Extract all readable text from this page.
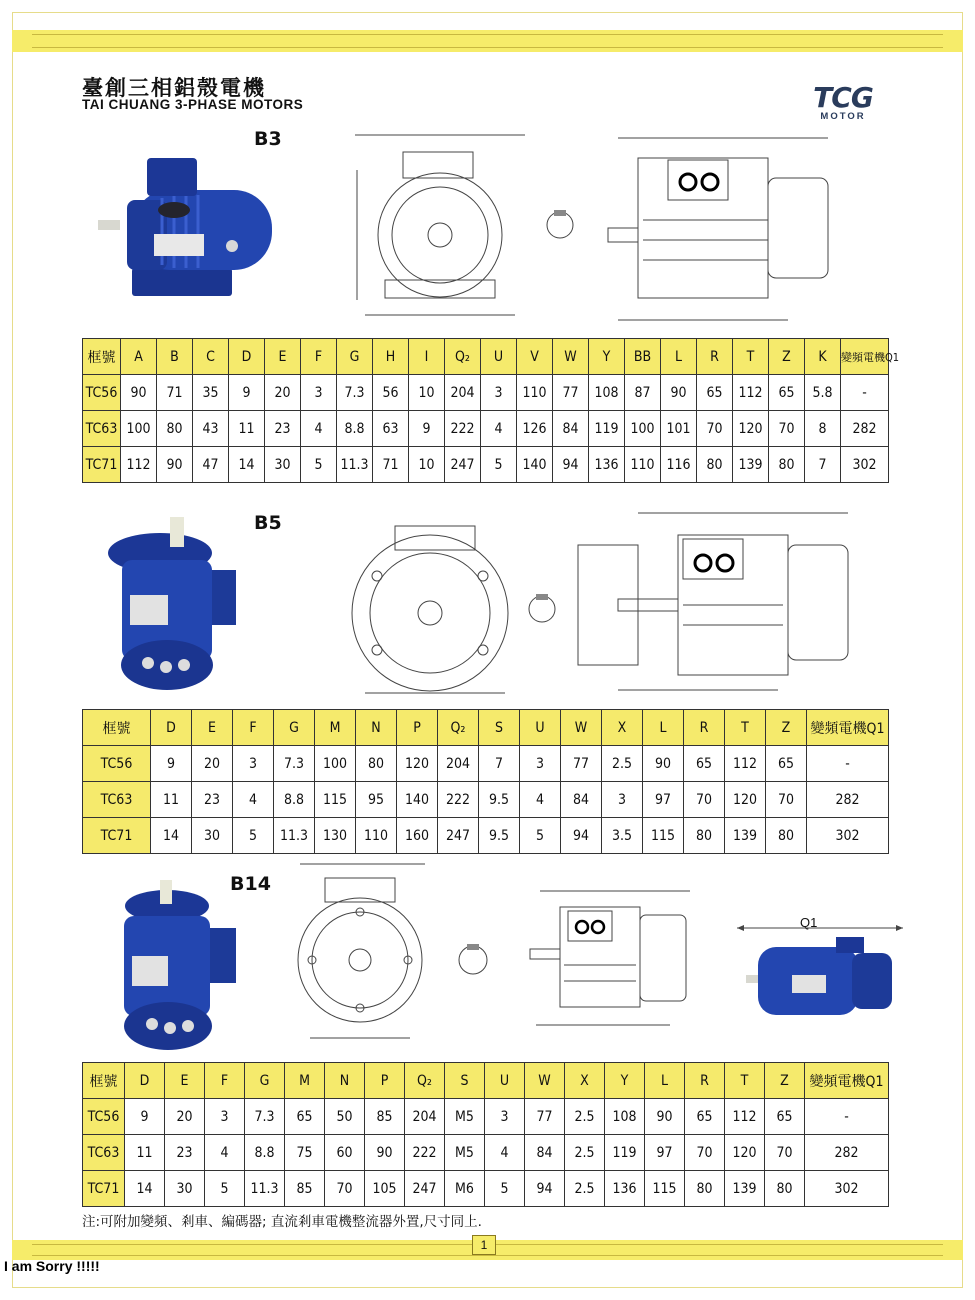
臺創三相鋁殼電機
TAI CHUANG 3-PHASE MOTORS	TCG
MOTOR
B3
框號	A	B	C	D	E	F	G	H	I	Q₂	U	V	W	Y	BB	L	R	T	Z	K	變頻電機Q1
TC56	90	71	35	9	20	3	7.3	56	10	204	3	110	77	108	87	90	65	112	65	5.8	-
TC63	100	80	43	11	23	4	8.8	63	9	222	4	126	84	119	100	101	70	120	70	8	282
TC71	112	90	47	14	30	5	11.3	71	10	247	5	140	94	136	110	116	80	139	80	7	302
B5
框號	D	E	F	G	M	N	P	Q₂	S	U	W	X	L	R	T	Z	變頻電機Q1
TC56	9	20	3	7.3	100	80	120	204	7	3	77	2.5	90	65	112	65	-
TC63	11	23	4	8.8	115	95	140	222	9.5	4	84	3	97	70	120	70	282
TC71	14	30	5	11.3	130	110	160	247	9.5	5	94	3.5	115	80	139	80	302
B14
Q1
框號	D	E	F	G	M	N	P	Q₂	S	U	W	X	Y	L	R	T	Z	變頻電機Q1
TC56	9	20	3	7.3	65	50	85	204	M5	3	77	2.5	108	90	65	112	65	-
TC63	11	23	4	8.8	75	60	90	222	M5	4	84	2.5	119	97	70	120	70	282
TC71	14	30	5	11.3	85	70	105	247	M6	5	94	2.5	136	115	80	139	80	302
注:可附加變頻、剎車、編碼器; 直流剎車電機整流器外置,尺寸同上.
1
I am Sorry !!!!!
